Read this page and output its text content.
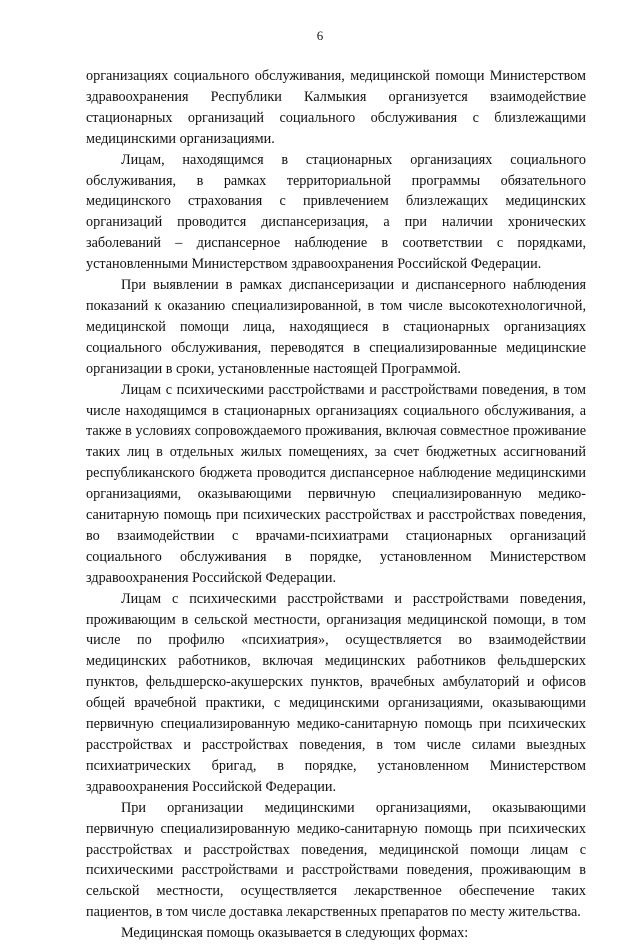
6

организациях социального обслуживания, медицинской помощи Министерством здравоохранения Республики Калмыкия организуется взаимодействие стационарных организаций социального обслуживания с близлежащими медицинскими организациями.

Лицам, находящимся в стационарных организациях социального обслуживания, в рамках территориальной программы обязательного медицинского страхования с привлечением близлежащих медицинских организаций проводится диспансеризация, а при наличии хронических заболеваний – диспансерное наблюдение в соответствии с порядками, установленными Министерством здравоохранения Российской Федерации.

При выявлении в рамках диспансеризации и диспансерного наблюдения показаний к оказанию специализированной, в том числе высокотехнологичной, медицинской помощи лица, находящиеся в стационарных организациях социального обслуживания, переводятся в специализированные медицинские организации в сроки, установленные настоящей Программой.

Лицам с психическими расстройствами и расстройствами поведения, в том числе находящимся в стационарных организациях социального обслуживания, а также в условиях сопровождаемого проживания, включая совместное проживание таких лиц в отдельных жилых помещениях, за счет бюджетных ассигнований республиканского бюджета проводится диспансерное наблюдение медицинскими организациями, оказывающими первичную специализированную медико-санитарную помощь при психических расстройствах и расстройствах поведения, во взаимодействии с врачами-психиатрами стационарных организаций социального обслуживания в порядке, установленном Министерством здравоохранения Российской Федерации.

Лицам с психическими расстройствами и расстройствами поведения, проживающим в сельской местности, организация медицинской помощи, в том числе по профилю «психиатрия», осуществляется во взаимодействии медицинских работников, включая медицинских работников фельдшерских пунктов, фельдшерско-акушерских пунктов, врачебных амбулаторий и офисов общей врачебной практики, с медицинскими организациями, оказывающими первичную специализированную медико-санитарную помощь при психических расстройствах и расстройствах поведения, в том числе силами выездных психиатрических бригад, в порядке, установленном Министерством здравоохранения Российской Федерации.

При организации медицинскими организациями, оказывающими первичную специализированную медико-санитарную помощь при психических расстройствах и расстройствах поведения, медицинской помощи лицам с психическими расстройствами и расстройствами поведения, проживающим в сельской местности, осуществляется лекарственное обеспечение таких пациентов, в том числе доставка лекарственных препаратов по месту жительства.

Медицинская помощь оказывается в следующих формах:
